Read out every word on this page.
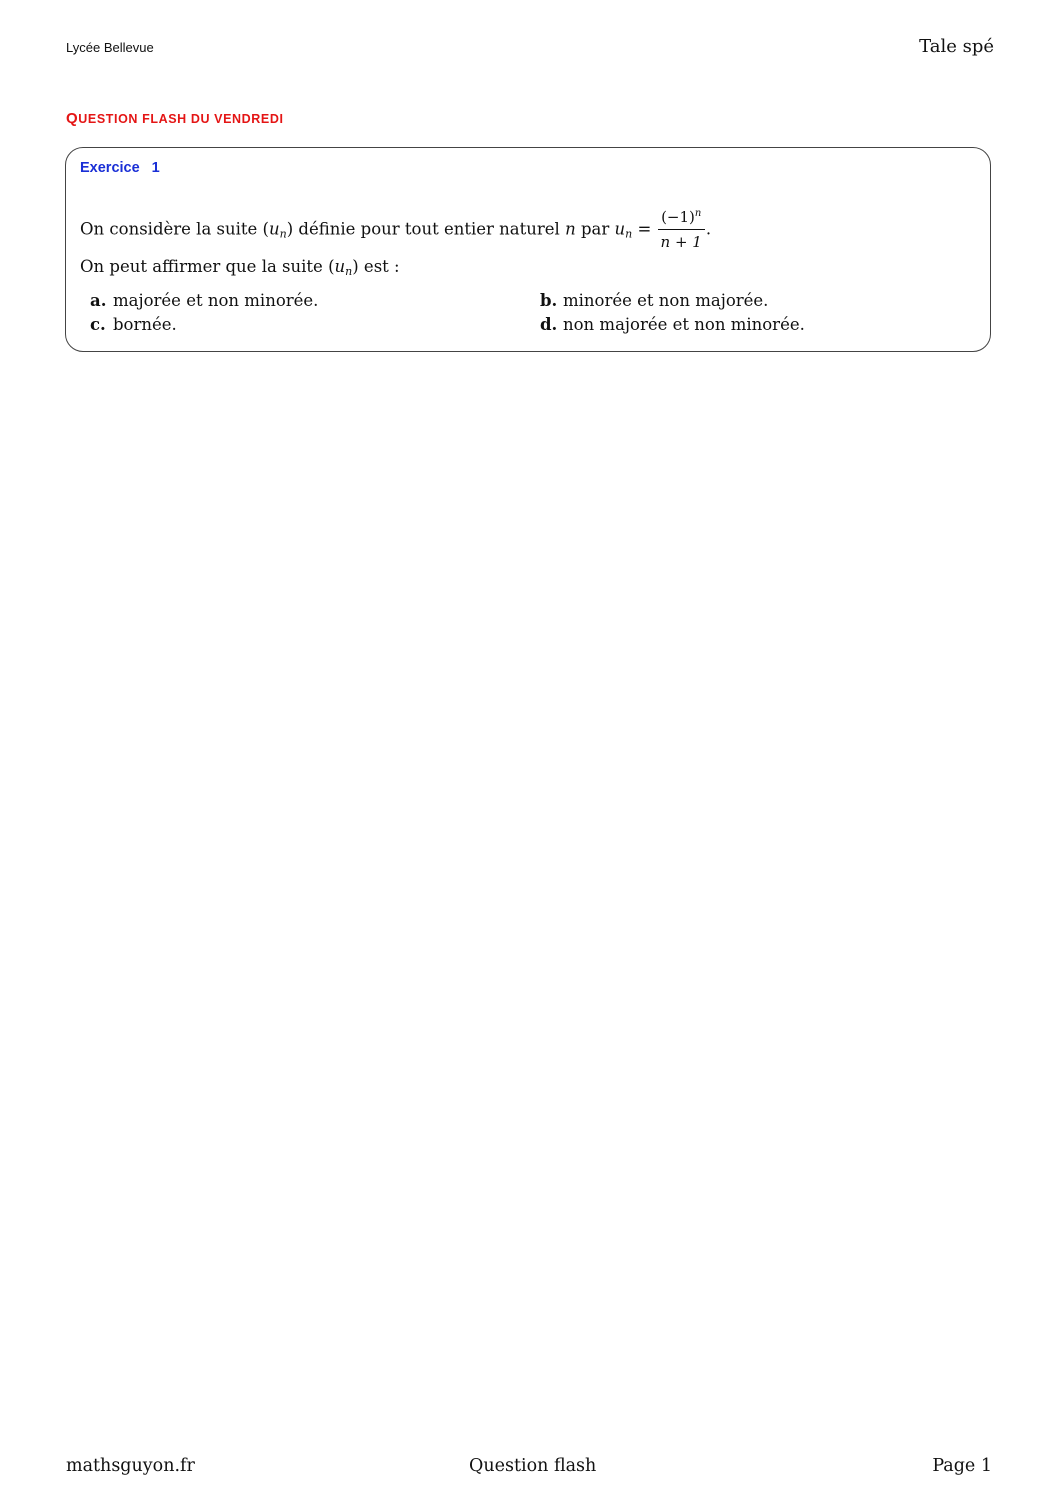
Lycée Bellevue	Tale spé
QUESTION FLASH DU VENDREDI
Exercice 1
On considère la suite $(u_n)$ définie pour tout entier naturel n par $u_n = \frac{(-1)^n}{n + 1}$ .
On peut affirmer que la suite $(u_n)$ est :
a. majorée et non minorée.	b. minorée et non majorée.
c. bornée.	d. non majorée et non minorée.
mathsguyon.fr	Question flash	Page 1
